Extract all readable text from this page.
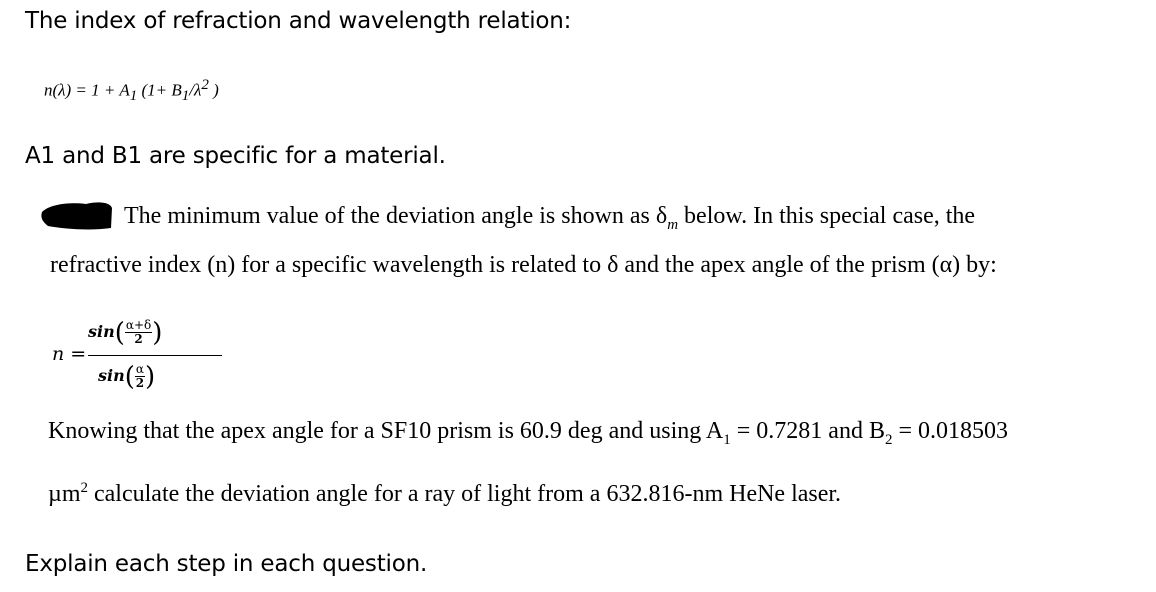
The index of refraction and wavelength relation:
$n(\lambda) = 1 + A_1$ ($1+ B_1/\lambda^2$ )
A1 and B1 are specific for a material.
The minimum value of the deviation angle is shown as $\delta_m$ below. In this special case, the
refractive index (n) for a specific wavelength is related to δ and the apex angle of the prism (α) by:
n =
$\sin( \frac{\alpha+\delta}{2}$ )
$\sin( \frac{\alpha}{2}$ )
Knowing that the apex angle for a SF10 prism is 60.9 deg and using $A_1 = 0.7281$ and $B_2 = 0.018503$
µm$^2$ calculate the deviation angle for a ray of light from a 632.816-nm HeNe laser.
Explain each step in each question.
